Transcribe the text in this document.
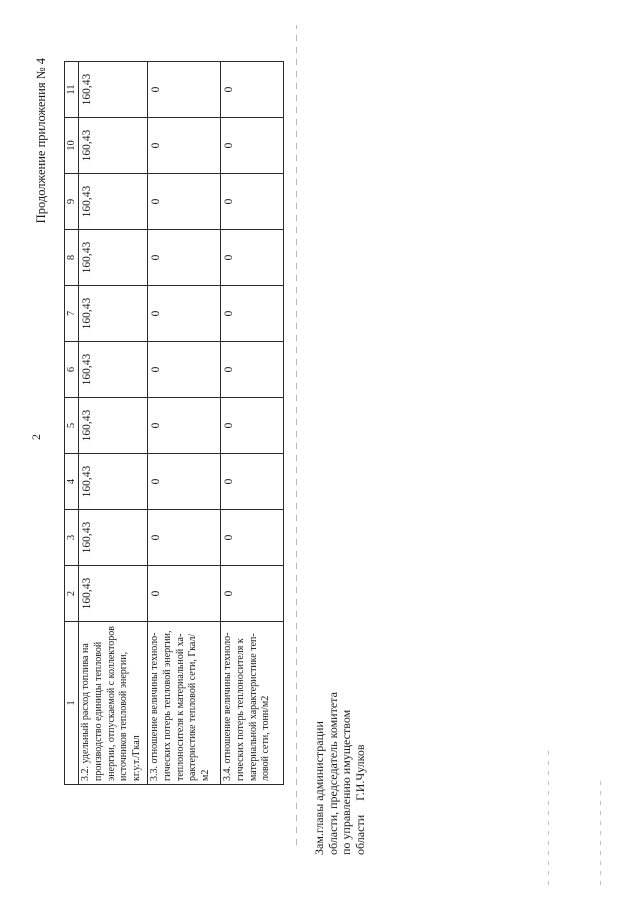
2
Продолжение приложения № 4
1	2	3	4	5	6	7	8	9	10	11
3.2. удельный расход топлива на производство единицы тепловой энергии, отпускаемой с коллекторов источников тепловой энергии, кг.у.т./Гкал	160,43	160,43	160,43	160,43	160,43	160,43	160,43	160,43	160,43	160,43
3.3. отношение величины техноло-гических потерь тепловой энергии, теплоносителя к материальной ха-рактеристике тепловой сети, Гкал/м2	0	0	0	0	0	0	0	0	0	0
3.4. отношение величины техноло-гических потерь теплоносителя к материальной характеристике теп-ловой сети, тонн/м2	0	0	0	0	0	0	0	0	0	0
Зам.главы администрации области, председатель комитета по управлению имуществом областиГ.И.Чулков
